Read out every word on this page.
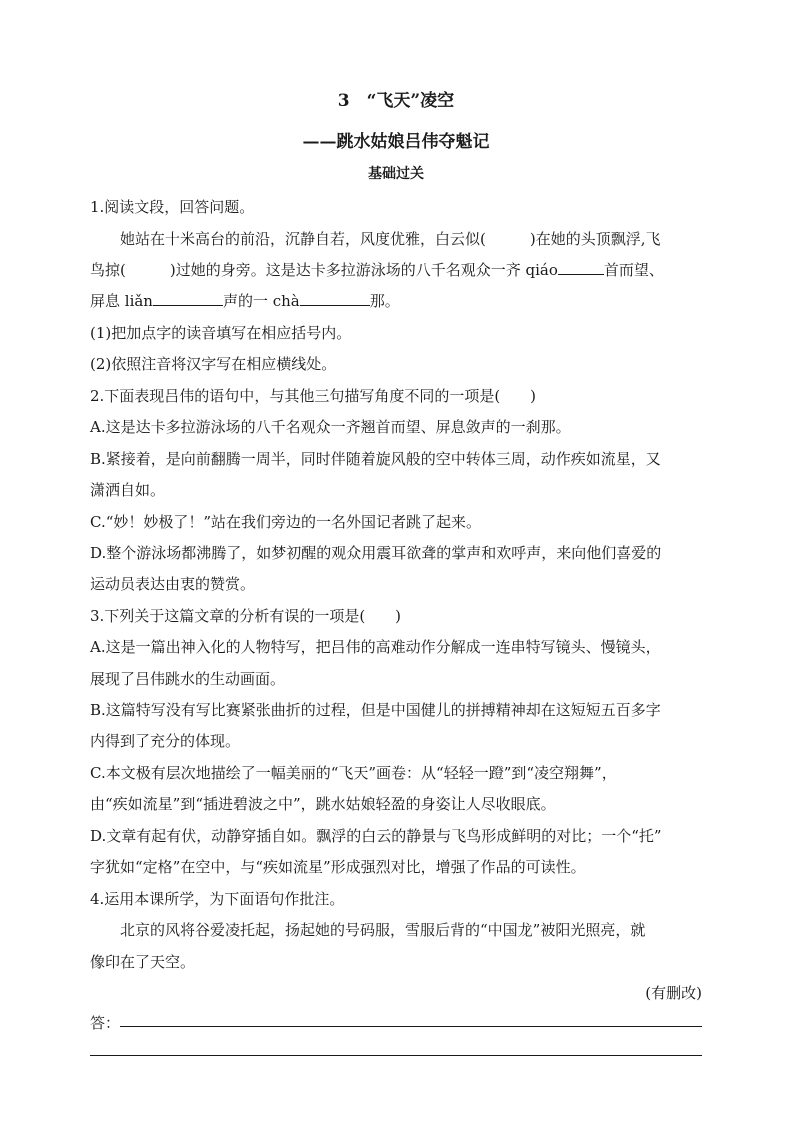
3　“飞天”凌空
——跳水姑娘吕伟夺魁记
基础过关
1.阅读文段，回答问题。
她站在十米高台的前沿，沉静自若，风度优雅，白云似(	)在她的头顶飘浮,飞
鸟掠(	)过她的身旁。这是达卡多拉游泳场的八千名观众一齐 qiáo	首而望、
屏息 liǎn	声的一 chà	那。
(1)把加点字的读音填写在相应括号内。
(2)依照注音将汉字写在相应横线处。
2.下面表现吕伟的语句中，与其他三句描写角度不同的一项是(　　)
A.这是达卡多拉游泳场的八千名观众一齐翘首而望、屏息敛声的一刹那。
B.紧接着，是向前翻腾一周半，同时伴随着旋风般的空中转体三周，动作疾如流星，又
潇洒自如。
C.“妙！妙极了！”站在我们旁边的一名外国记者跳了起来。
D.整个游泳场都沸腾了，如梦初醒的观众用震耳欲聋的掌声和欢呼声，来向他们喜爱的
运动员表达由衷的赞赏。
3.下列关于这篇文章的分析有误的一项是(　　)
A.这是一篇出神入化的人物特写，把吕伟的高难动作分解成一连串特写镜头、慢镜头，
展现了吕伟跳水的生动画面。
B.这篇特写没有写比赛紧张曲折的过程，但是中国健儿的拼搏精神却在这短短五百多字
内得到了充分的体现。
C.本文极有层次地描绘了一幅美丽的“飞天”画卷：从“轻轻一蹬”到“凌空翔舞”，
由“疾如流星”到“插进碧波之中”，跳水姑娘轻盈的身姿让人尽收眼底。
D.文章有起有伏，动静穿插自如。飘浮的白云的静景与飞鸟形成鲜明的对比；一个“托”
字犹如“定格”在空中，与“疾如流星”形成强烈对比，增强了作品的可读性。
4.运用本课所学，为下面语句作批注。
北京的风将谷爱凌托起，扬起她的号码服，雪服后背的“中国龙”被阳光照亮，就
像印在了天空。
(有删改)
答：
